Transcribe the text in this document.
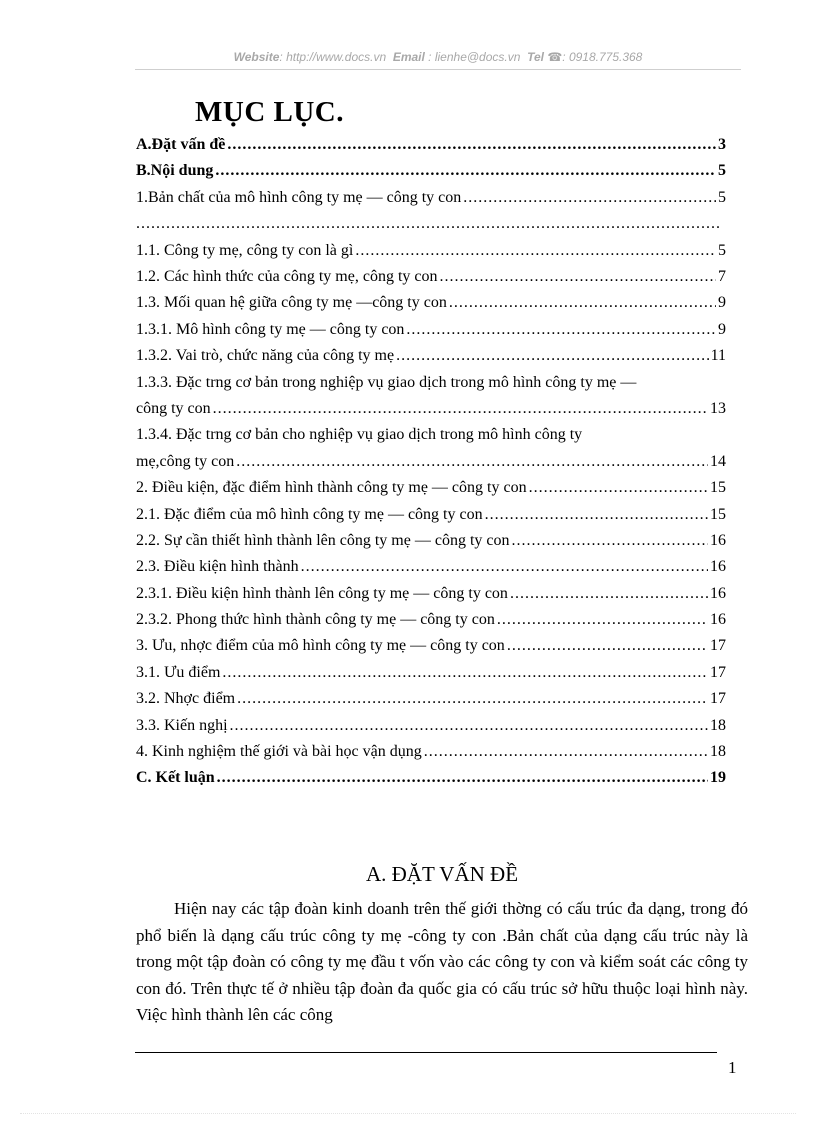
Website: http://www.docs.vn Email : lienhe@docs.vn Tel ☎: 0918.775.368
MỤC LỤC.
A.Đặt vấn đề .....	3
B.Nội dung .....	5
1.Bản chất của mô hình công ty mẹ — công ty con .....	5
.....
1.1. Công ty mẹ, công ty con là gì .....	5
1.2. Các hình thức của công ty mẹ, công ty con .....	7
1.3. Mối quan hệ giữa công ty mẹ —công ty con .....	9
1.3.1. Mô hình công ty mẹ — công ty con .....	9
1.3.2. Vai trò, chức năng của công ty mẹ .....	11
1.3.3. Đặc trng cơ bản trong nghiệp vụ giao dịch trong mô hình công ty mẹ —
công ty con .....	13
1.3.4. Đặc trng cơ bản cho nghiệp vụ giao dịch trong mô hình công ty
mẹ,công ty con .....	14
2. Điều kiện, đặc điểm hình thành công ty mẹ — công ty con .....	15
2.1. Đặc điểm của mô hình công ty mẹ — công ty con .....	15
2.2. Sự cần thiết hình thành lên công ty mẹ — công ty con .....	16
2.3. Điều kiện hình thành .....	16
2.3.1. Điều kiện hình thành lên công ty mẹ — công ty con .....	16
2.3.2. Phong thức hình thành công ty mẹ — công ty con .....	16
3. Ưu, nhợc điểm của mô hình công ty mẹ — công ty con .....	17
3.1. Ưu điểm .....	17
3.2. Nhợc điểm .....	17
3.3. Kiến nghị .....	18
4. Kinh nghiệm thế giới và bài học vận dụng .....	18
C. Kết luận .....	19
A. ĐẶT VẤN ĐỀ
Hiện nay các tập đoàn kinh doanh trên thế giới thờng có cấu trúc đa dạng, trong đó phổ biến là dạng cấu trúc công ty mẹ -công ty con .Bản chất của dạng cấu trúc này là trong một tập đoàn có công ty mẹ đầu t vốn vào các công ty con và kiểm soát các công ty con đó. Trên thực tế ở nhiều tập đoàn đa quốc gia có cấu trúc sở hữu thuộc loại hình này. Việc hình thành lên các công
1
